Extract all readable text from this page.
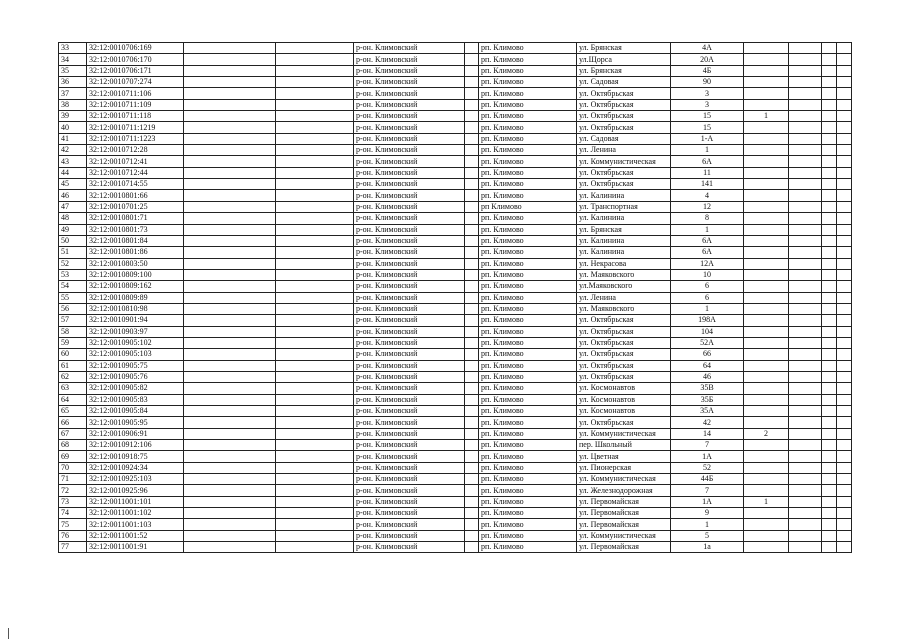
33	32:12:0010706:169			р-он. Климовский		рп. Климово	ул. Брянская	4А				
34	32:12:0010706:170			р-он. Климовский		рп. Климово	ул.Щорса	20А				
35	32:12:0010706:171			р-он. Климовский		рп. Климово	ул. Брянская	4Б				
36	32:12:0010707:274			р-он. Климовский		рп. Климово	ул. Садовая	90				
37	32:12:0010711:106			р-он. Климовский		рп. Климово	ул. Октябрьская	3				
38	32:12:0010711:109			р-он. Климовский		рп. Климово	ул. Октябрьская	3				
39	32:12:0010711:118			р-он. Климовский		рп. Климово	ул. Октябрьская	15	1			
40	32:12:0010711:1219			р-он. Климовский		рп. Климово	ул. Октябрьская	15				
41	32:12:0010711:1223			р-он. Климовский		рп. Климово	ул. Садовая	1-А				
42	32:12:0010712:28			р-он. Климовский		рп. Климово	ул. Ленина	1				
43	32:12:0010712:41			р-он. Климовский		рп. Климово	ул. Коммунистическая	6А				
44	32:12:0010712:44			р-он. Климовский		рп. Климово	ул. Октябрьская	11				
45	32:12:0010714:55			р-он. Климовский		рп. Климово	ул. Октябрьская	141				
46	32:12:0010801:66			р-он. Климовский		рп. Климово	ул. Калинина	4				
47	32:12:0010701:25			р-он. Климовский		рп Климово	ул. Транспортная	12				
48	32:12:0010801:71			р-он. Климовский		рп. Климово	ул. Калинина	8				
49	32:12:0010801:73			р-он. Климовский		рп. Климово	ул. Брянская	1				
50	32:12:0010801:84			р-он. Климовский		рп. Климово	ул. Калинина	6А				
51	32:12:0010801:86			р-он. Климовский		рп. Климово	ул. Калинина	6А				
52	32:12:0010803:50			р-он. Климовский		рп. Климово	ул. Некрасова	12А				
53	32:12:0010809:100			р-он. Климовский		рп. Климово	ул. Маяковского	10				
54	32:12:0010809:162			р-он. Климовский		рп. Климово	ул.Маяковского	6				
55	32:12:0010809:89			р-он. Климовский		рп. Климово	ул. Ленина	6				
56	32:12:0010810:98			р-он. Климовский		рп. Климово	ул. Маяковского	1				
57	32:12:0010901:94			р-он. Климовский		рп. Климово	ул. Октябрьская	198А				
58	32:12:0010903:97			р-он. Климовский		рп. Климово	ул. Октябрьская	104				
59	32:12:0010905:102			р-он. Климовский		рп. Климово	ул. Октябрьская	52А				
60	32:12:0010905:103			р-он. Климовский		рп. Климово	ул. Октябрьская	66				
61	32:12:0010905:75			р-он. Климовский		рп. Климово	ул. Октябрьская	64				
62	32:12:0010905:76			р-он. Климовский		рп. Климово	ул. Октябрьская	46				
63	32:12:0010905:82			р-он. Климовский		рп. Климово	ул. Космонавтов	35В				
64	32:12:0010905:83			р-он. Климовский		рп. Климово	ул. Космонавтов	35Б				
65	32:12:0010905:84			р-он. Климовский		рп. Климово	ул. Космонавтов	35А				
66	32:12:0010905:95			р-он. Климовский		рп. Климово	ул. Октябрьская	42				
67	32:12:0010906:91			р-он. Климовский		рп. Климово	ул. Коммунистическая	14	2			
68	32:12:0010912:106			р-он. Климовский		рп. Климово	пер. Школьный	7				
69	32:12:0010918:75			р-он. Климовский		рп. Климово	ул. Цветная	1А				
70	32:12:0010924:34			р-он. Климовский		рп. Климово	ул. Пионерская	52				
71	32:12:0010925:103			р-он. Климовский		рп. Климово	ул. Коммунистическая	44Б				
72	32:12:0010925:96			р-он. Климовский		рп. Климово	ул. Железнодорожная	7				
73	32:12:0011001:101			р-он. Климовский		рп. Климово	ул. Первомайская	1А	1			
74	32:12:0011001:102			р-он. Климовский		рп. Климово	ул. Первомайская	9				
75	32:12:0011001:103			р-он. Климовский		рп. Климово	ул. Первомайская	1				
76	32:12:0011001:52			р-он. Климовский		рп. Климово	ул. Коммунистическая	5				
77	32:12:0011001:91			р-он. Климовский		рп. Климово	ул. Первомайская	1а				
